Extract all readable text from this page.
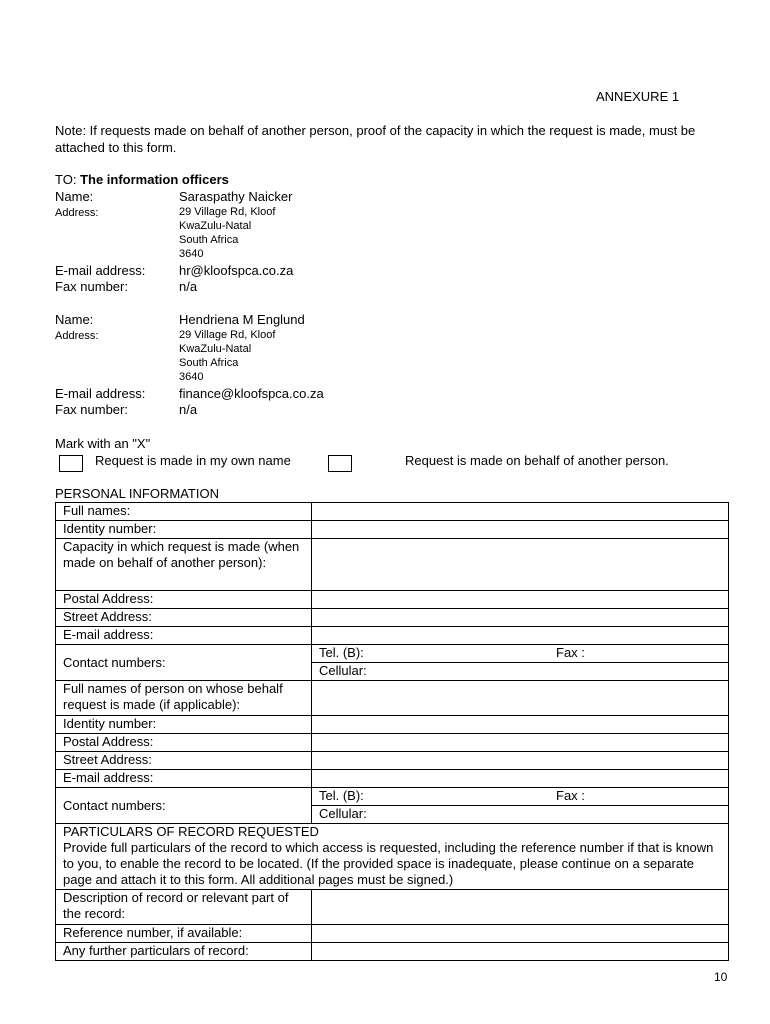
ANNEXURE 1
Note: If requests made on behalf of another person, proof of the capacity in which the request is made, must be attached to this form.
TO: The information officers
Name:	Saraspathy Naicker
Address:	29 Village Rd, Kloof
KwaZulu-Natal
South Africa
3640
E-mail address:	hr@kloofspca.co.za
Fax number:	n/a
Name:	Hendriena M Englund
Address:	29 Village Rd, Kloof
KwaZulu-Natal
South Africa
3640
E-mail address:	finance@kloofspca.co.za
Fax number:	n/a
Mark with an "X"
Request is made in my own name	Request is made on behalf of another person.
PERSONAL INFORMATION
Full names:	
Identity number:	
Capacity in which request is made (when made on behalf of another person):	
Postal Address:	
Street Address:	
E-mail address:	
Contact numbers:	Tel. (B): Fax :

	Cellular:
Full names of person on whose behalf request is made (if applicable):	
Identity number:	
Postal Address:	
Street Address:	
E-mail address:	
Contact numbers:	Tel. (B): Fax :

	Cellular:

PARTICULARS OF RECORD REQUESTED
Provide full particulars of the record to which access is requested, including the reference number if that is known to you, to enable the record to be located. (If the provided space is inadequate, please continue on a separate page and attach it to this form. All additional pages must be signed.)	

Description of record or relevant part of the record:	
Reference number, if available:	
Any further particulars of record:	
10
